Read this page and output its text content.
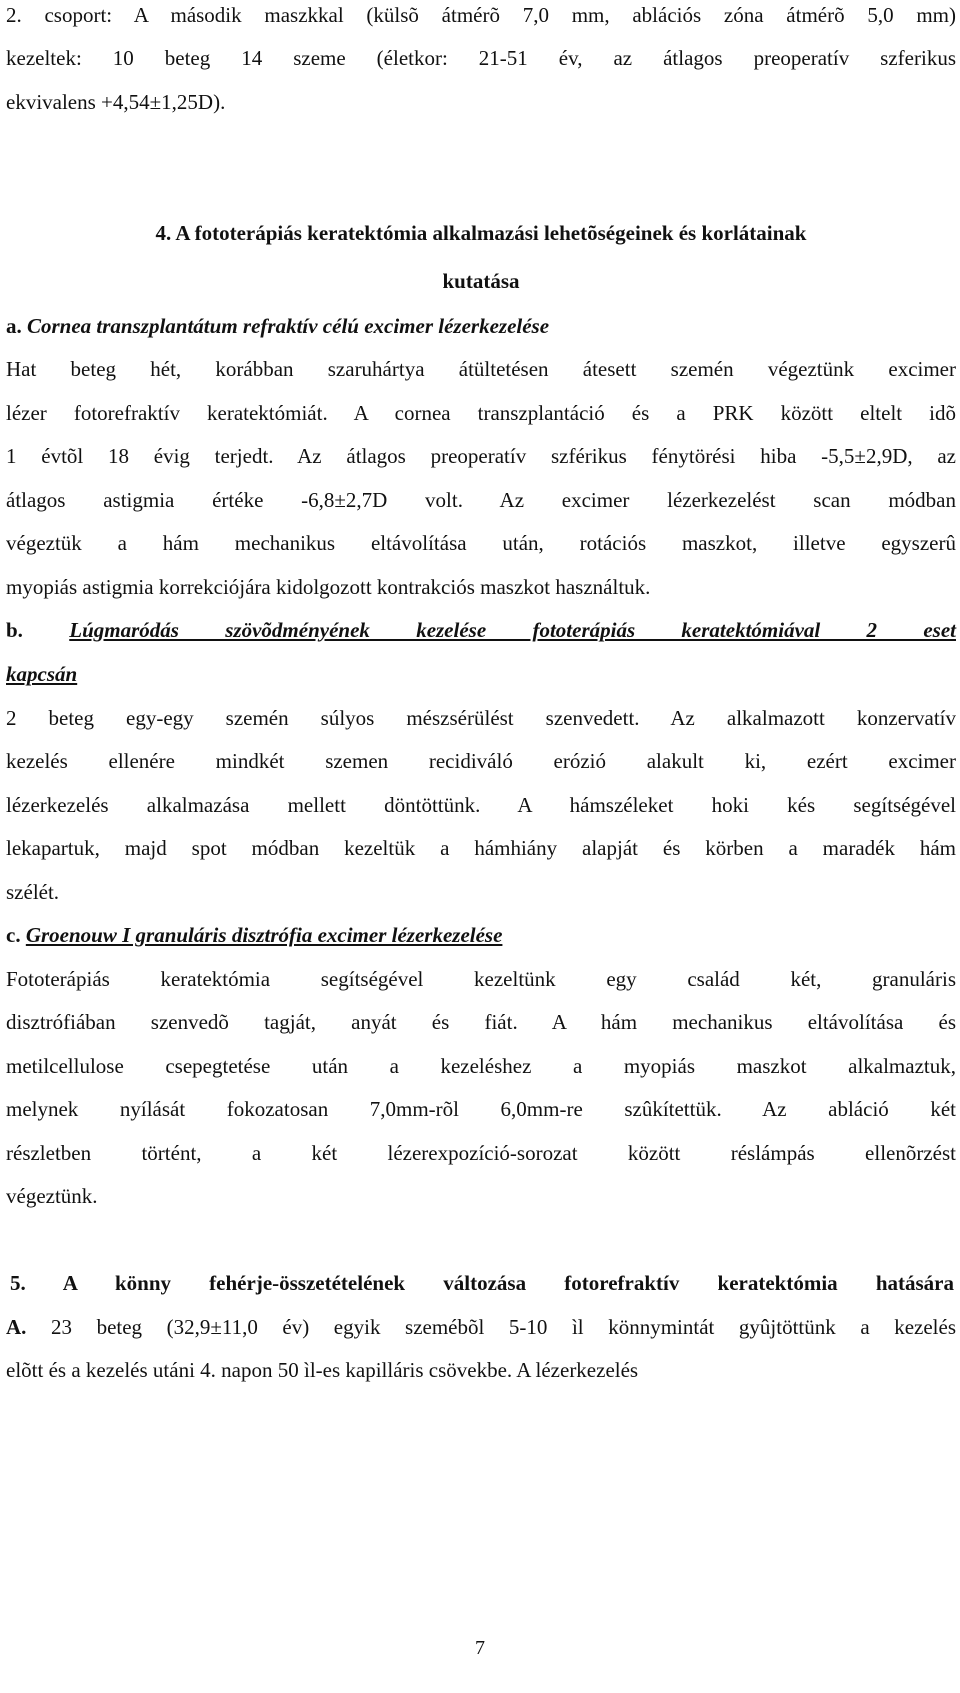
2. csoport: A második maszkkal (külsõ átmérõ 7,0 mm, ablációs zóna átmérõ 5,0 mm)
kezeltek: 10 beteg 14 szeme (életkor: 21-51 év, az átlagos preoperatív szferikus
ekvivalens +4,54±1,25D).
4. A fototerápiás keratektómia alkalmazási lehetõségeinek és korlátainak
kutatása
a. Cornea transzplantátum refraktív célú excimer lézerkezelése
Hat beteg hét, korábban szaruhártya átültetésen átesett szemén végeztünk excimer
lézer fotorefraktív keratektómiát. A cornea transzplantáció és a PRK között eltelt idõ
1 évtõl 18 évig terjedt. Az átlagos preoperatív szférikus fénytörési hiba -5,5±2,9D, az
átlagos astigmia értéke -6,8±2,7D volt. Az excimer lézerkezelést scan módban
végeztük a hám mechanikus eltávolítása után, rotációs maszkot, illetve egyszerû
myopiás astigmia korrekciójára kidolgozott kontrakciós maszkot használtuk.
b. Lúgmaródás szövõdményének kezelése fototerápiás keratektómiával 2 eset
kapcsán
2 beteg egy-egy szemén súlyos mészsérülést szenvedett. Az alkalmazott konzervatív
kezelés ellenére mindkét szemen recidiváló erózió alakult ki, ezért excimer
lézerkezelés alkalmazása mellett döntöttünk. A hámszéleket hoki kés segítségével
lekapartuk, majd spot módban kezeltük a hámhiány alapját és körben a maradék hám
szélét.
c. Groenouw I granuláris disztrófia excimer lézerkezelése
Fototerápiás keratektómia segítségével kezeltünk egy család két, granuláris
disztrófiában szenvedõ tagját, anyát és fiát. A hám mechanikus eltávolítása és
metilcellulose csepegtetése után a kezeléshez a myopiás maszkot alkalmaztuk,
melynek nyílását fokozatosan 7,0mm-rõl 6,0mm-re szûkítettük. Az abláció két
részletben történt, a két lézerexpozíció-sorozat között réslámpás ellenõrzést
végeztünk.
5. A könny fehérje-összetételének változása fotorefraktív keratektómia hatására
A. 23 beteg (32,9±11,0 év) egyik szemébõl 5-10 ìl könnymintát gyûjtöttünk a kezelés
elõtt és a kezelés utáni 4. napon 50 ìl-es kapilláris csövekbe. A lézerkezelés
7
